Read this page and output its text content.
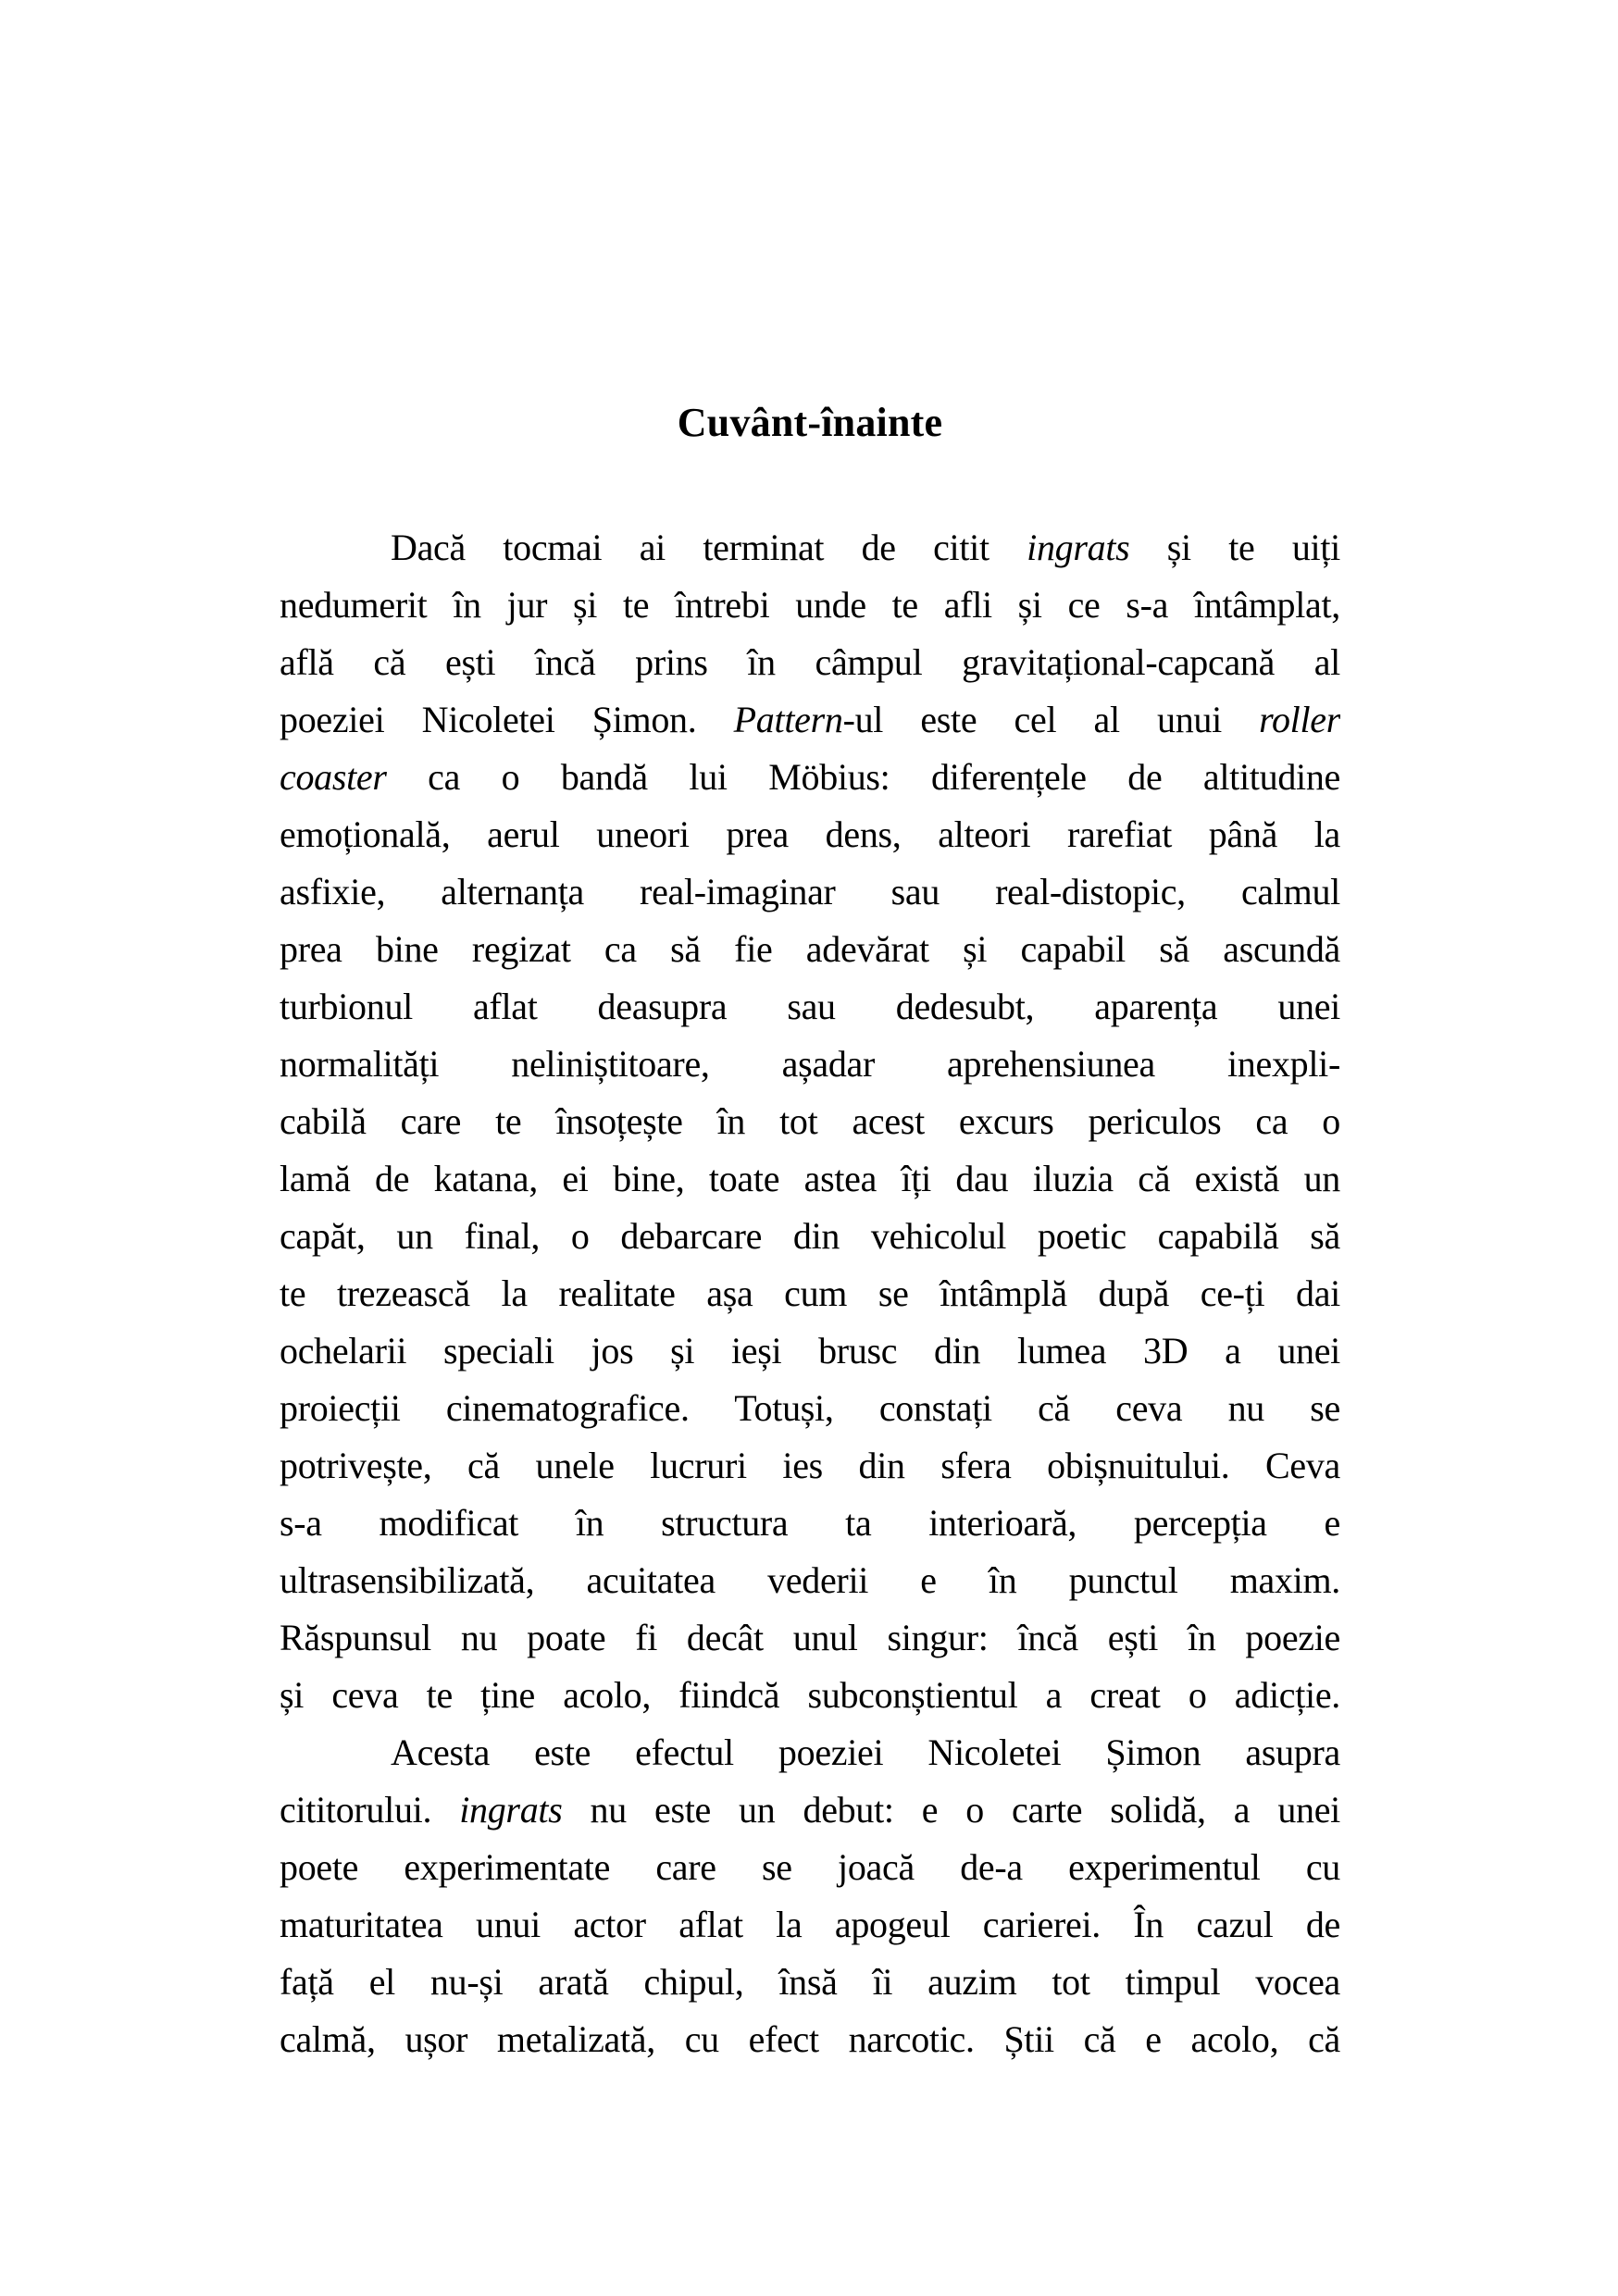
Cuvânt-înainte
Dacă tocmai ai terminat de citit ingrats și te uiți
nedumerit în jur și te întrebi unde te afli și ce s-a întâmplat,
află că ești încă prins în câmpul gravitațional-capcană al
poeziei Nicoletei Șimon. Pattern-ul este cel al unui roller
coaster ca o bandă lui Möbius: diferențele de altitudine
emoțională, aerul uneori prea dens, alteori rarefiat până la
asfixie, alternanța real-imaginar sau real-distopic, calmul
prea bine regizat ca să fie adevărat și capabil să ascundă
turbionul aflat deasupra sau dedesubt, aparența unei
normalități neliniștitoare, așadar aprehensiunea inexpli-
cabilă care te însoțește în tot acest excurs periculos ca o
lamă de katana, ei bine, toate astea îți dau iluzia că există un
capăt, un final, o debarcare din vehicolul poetic capabilă să
te trezească la realitate așa cum se întâmplă după ce-ți dai
ochelarii speciali jos și ieși brusc din lumea 3D a unei
proiecții cinematografice. Totuși, constați că ceva nu se
potrivește, că unele lucruri ies din sfera obișnuitului. Ceva
s-a modificat în structura ta interioară, percepția e
ultrasensibilizată, acuitatea vederii e în punctul maxim.
Răspunsul nu poate fi decât unul singur: încă ești în poezie
și ceva te ține acolo, fiindcă subconștientul a creat o adicție.
Acesta este efectul poeziei Nicoletei Șimon asupra
cititorului. ingrats nu este un debut: e o carte solidă, a unei
poete experimentate care se joacă de-a experimentul cu
maturitatea unui actor aflat la apogeul carierei. În cazul de
față el nu-și arată chipul, însă îi auzim tot timpul vocea
calmă, ușor metalizată, cu efect narcotic. Știi că e acolo, că
